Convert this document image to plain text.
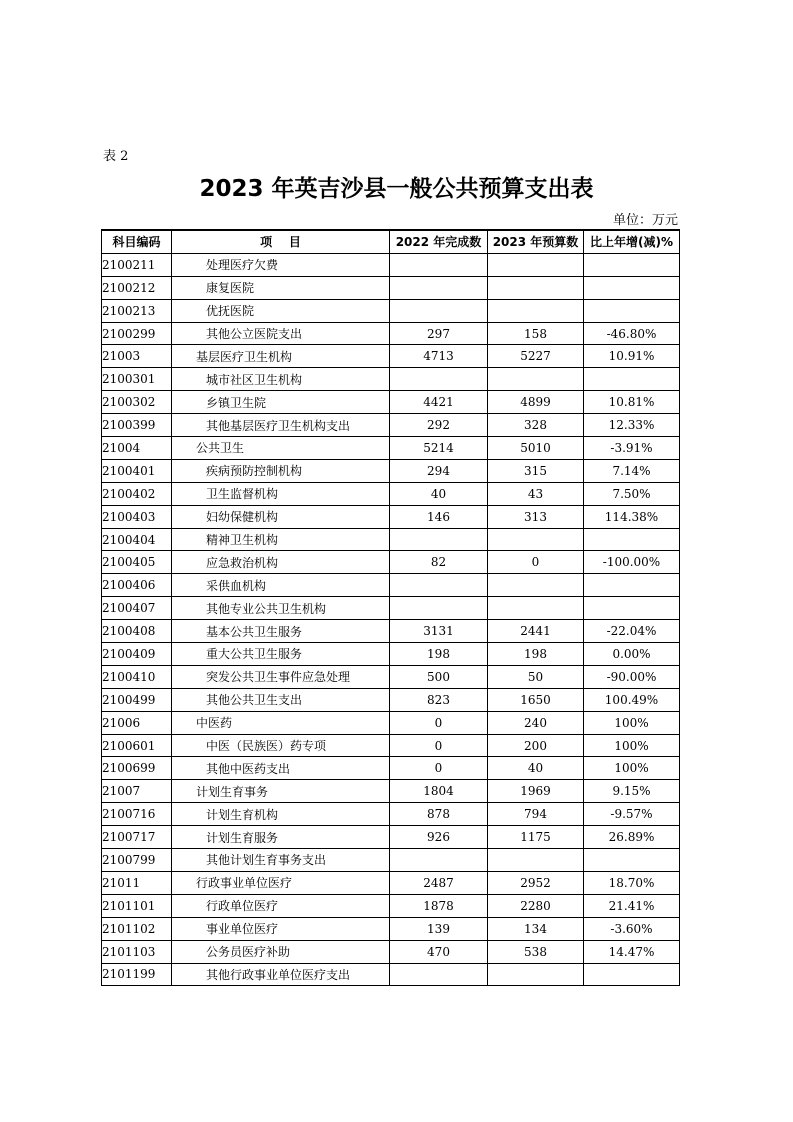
表 2
2023 年英吉沙县一般公共预算支出表
单位：万元
科目编码	项    目	2022 年完成数	2023 年预算数	比上年增(减)%
2100211	处理医疗欠费			
2100212	康复医院			
2100213	优抚医院			
2100299	其他公立医院支出	297	158	-46.80%
21003	基层医疗卫生机构	4713	5227	10.91%
2100301	城市社区卫生机构			
2100302	乡镇卫生院	4421	4899	10.81%
2100399	其他基层医疗卫生机构支出	292	328	12.33%
21004	公共卫生	5214	5010	-3.91%
2100401	疾病预防控制机构	294	315	7.14%
2100402	卫生监督机构	40	43	7.50%
2100403	妇幼保健机构	146	313	114.38%
2100404	精神卫生机构			
2100405	应急救治机构	82	0	-100.00%
2100406	采供血机构			
2100407	其他专业公共卫生机构			
2100408	基本公共卫生服务	3131	2441	-22.04%
2100409	重大公共卫生服务	198	198	0.00%
2100410	突发公共卫生事件应急处理	500	50	-90.00%
2100499	其他公共卫生支出	823	1650	100.49%
21006	中医药	0	240	100%
2100601	中医（民族医）药专项	0	200	100%
2100699	其他中医药支出	0	40	100%
21007	计划生育事务	1804	1969	9.15%
2100716	计划生育机构	878	794	-9.57%
2100717	计划生育服务	926	1175	26.89%
2100799	其他计划生育事务支出			
21011	行政事业单位医疗	2487	2952	18.70%
2101101	行政单位医疗	1878	2280	21.41%
2101102	事业单位医疗	139	134	-3.60%
2101103	公务员医疗补助	470	538	14.47%
2101199	其他行政事业单位医疗支出			
